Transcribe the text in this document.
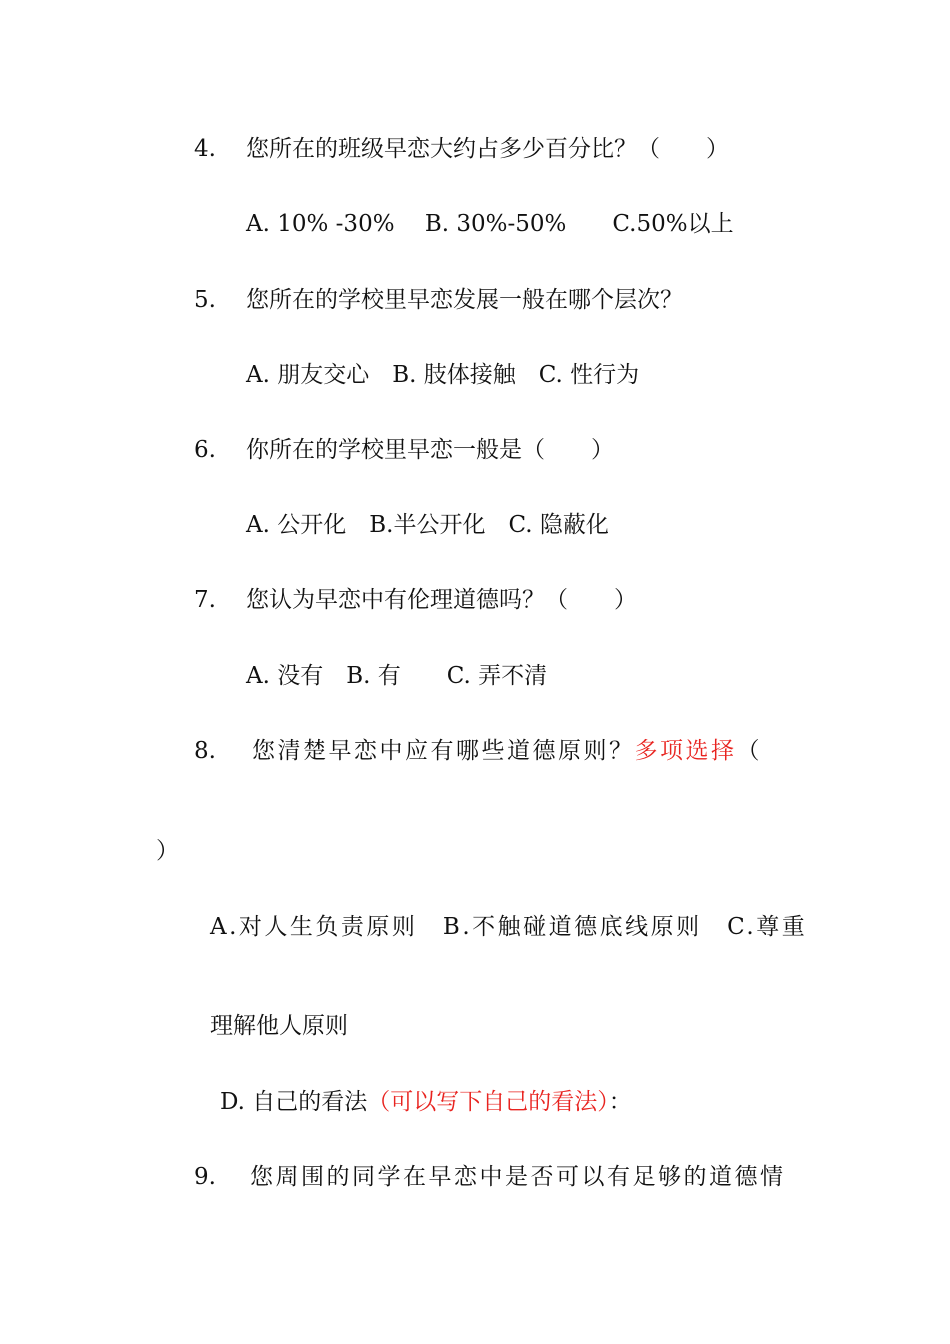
4. 您所在的班级早恋大约占多少百分比？（　　）
A. 10% -30%　 B. 30%-50%　　C.50%以上
5. 您所在的学校里早恋发展一般在哪个层次？
A. 朋友交心　B. 肢体接触　C. 性行为
6. 你所在的学校里早恋一般是（　　）
A. 公开化　B.半公开化　C. 隐蔽化
7. 您认为早恋中有伦理道德吗？（　　）
A. 没有　B. 有　　C. 弄不清
8. 您清楚早恋中应有哪些道德原则？多项选择（
）
A.对人生负责原则　B.不触碰道德底线原则　C.尊重
理解他人原则
D. 自己的看法（可以写下自己的看法）：
9. 您周围的同学在早恋中是否可以有足够的道德情
